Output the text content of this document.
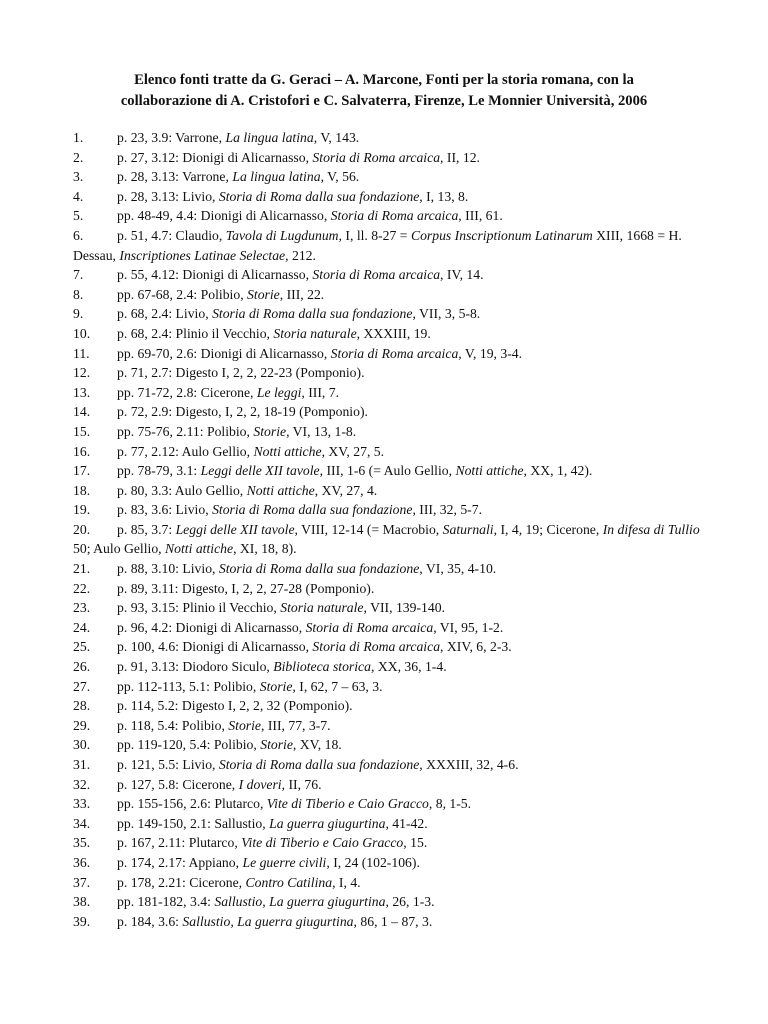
Elenco fonti tratte da G. Geraci – A. Marcone, Fonti per la storia romana, con la
collaborazione di A. Cristofori e C. Salvaterra, Firenze, Le Monnier Università, 2006
1. p. 23, 3.9: Varrone, La lingua latina, V, 143.
2. p. 27, 3.12: Dionigi di Alicarnasso, Storia di Roma arcaica, II, 12.
3. p. 28, 3.13: Varrone, La lingua latina, V, 56.
4. p. 28, 3.13: Livio, Storia di Roma dalla sua fondazione, I, 13, 8.
5. pp. 48-49, 4.4: Dionigi di Alicarnasso, Storia di Roma arcaica, III, 61.
6. p. 51, 4.7: Claudio, Tavola di Lugdunum, I, ll. 8-27 = Corpus Inscriptionum Latinarum XIII, 1668 = H. Dessau, Inscriptiones Latinae Selectae, 212.
7. p. 55, 4.12: Dionigi di Alicarnasso, Storia di Roma arcaica, IV, 14.
8. pp. 67-68, 2.4: Polibio, Storie, III, 22.
9. p. 68, 2.4: Livio, Storia di Roma dalla sua fondazione, VII, 3, 5-8.
10. p. 68, 2.4: Plinio il Vecchio, Storia naturale, XXXIII, 19.
11. pp. 69-70, 2.6: Dionigi di Alicarnasso, Storia di Roma arcaica, V, 19, 3-4.
12. p. 71, 2.7: Digesto I, 2, 2, 22-23 (Pomponio).
13. pp. 71-72, 2.8: Cicerone, Le leggi, III, 7.
14. p. 72, 2.9: Digesto, I, 2, 2, 18-19 (Pomponio).
15. pp. 75-76, 2.11: Polibio, Storie, VI, 13, 1-8.
16. p. 77, 2.12: Aulo Gellio, Notti attiche, XV, 27, 5.
17. pp. 78-79, 3.1: Leggi delle XII tavole, III, 1-6 (= Aulo Gellio, Notti attiche, XX, 1, 42).
18. p. 80, 3.3: Aulo Gellio, Notti attiche, XV, 27, 4.
19. p. 83, 3.6: Livio, Storia di Roma dalla sua fondazione, III, 32, 5-7.
20. p. 85, 3.7: Leggi delle XII tavole, VIII, 12-14 (= Macrobio, Saturnali, I, 4, 19; Cicerone, In difesa di Tullio 50; Aulo Gellio, Notti attiche, XI, 18, 8).
21. p. 88, 3.10: Livio, Storia di Roma dalla sua fondazione, VI, 35, 4-10.
22. p. 89, 3.11: Digesto, I, 2, 2, 27-28 (Pomponio).
23. p. 93, 3.15: Plinio il Vecchio, Storia naturale, VII, 139-140.
24. p. 96, 4.2: Dionigi di Alicarnasso, Storia di Roma arcaica, VI, 95, 1-2.
25. p. 100, 4.6: Dionigi di Alicarnasso, Storia di Roma arcaica, XIV, 6, 2-3.
26. p. 91, 3.13: Diodoro Siculo, Biblioteca storica, XX, 36, 1-4.
27. pp. 112-113, 5.1: Polibio, Storie, I, 62, 7 – 63, 3.
28. p. 114, 5.2: Digesto I, 2, 2, 32 (Pomponio).
29. p. 118, 5.4: Polibio, Storie, III, 77, 3-7.
30. pp. 119-120, 5.4: Polibio, Storie, XV, 18.
31. p. 121, 5.5: Livio, Storia di Roma dalla sua fondazione, XXXIII, 32, 4-6.
32. p. 127, 5.8: Cicerone, I doveri, II, 76.
33. pp. 155-156, 2.6: Plutarco, Vite di Tiberio e Caio Gracco, 8, 1-5.
34. pp. 149-150, 2.1: Sallustio, La guerra giugurtina, 41-42.
35. p. 167, 2.11: Plutarco, Vite di Tiberio e Caio Gracco, 15.
36. p. 174, 2.17: Appiano, Le guerre civili, I, 24 (102-106).
37. p. 178, 2.21: Cicerone, Contro Catilina, I, 4.
38. pp. 181-182, 3.4: Sallustio, La guerra giugurtina, 26, 1-3.
39. p. 184, 3.6: Sallustio, La guerra giugurtina, 86, 1 – 87, 3.
